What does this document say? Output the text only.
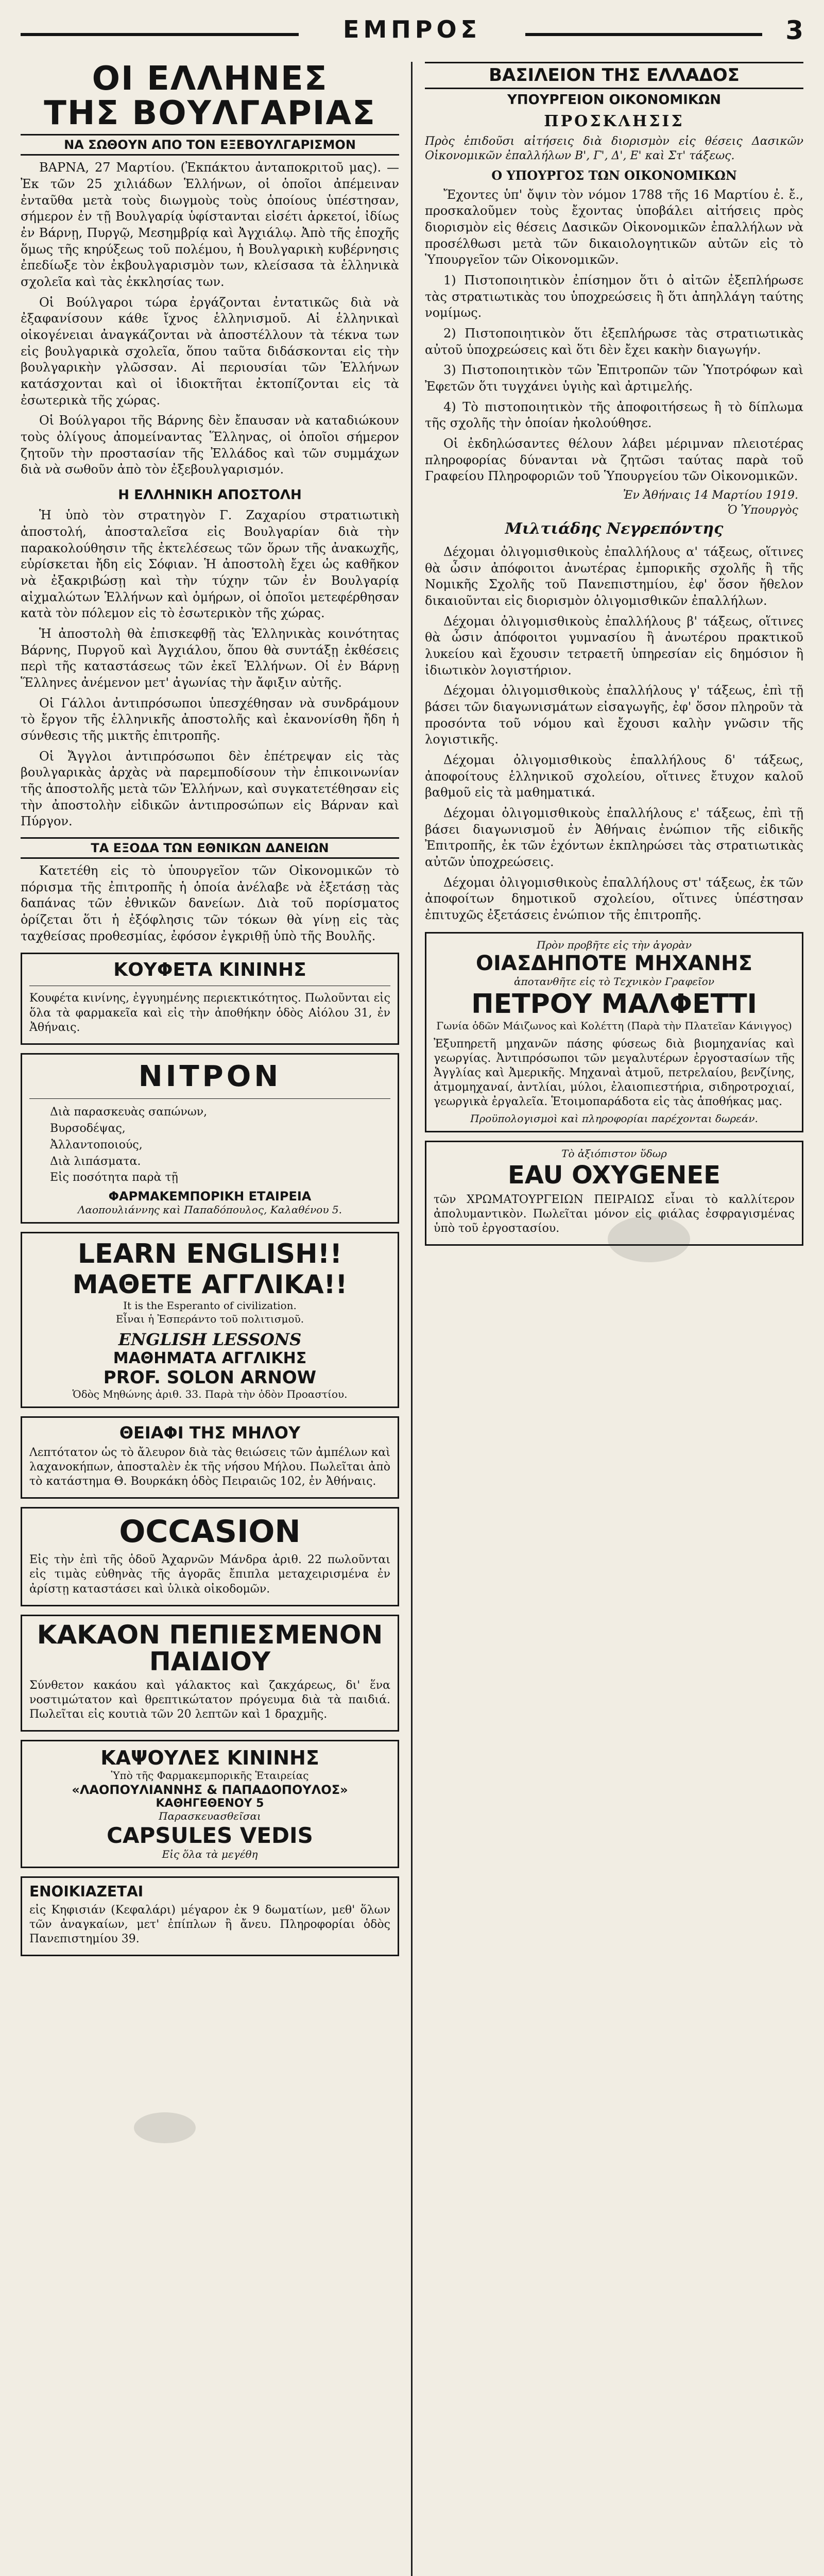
ΕΜΠΡΟΣ	3
ΟΙ ΕΛΛΗΝΕΣ
ΤΗΣ ΒΟΥΛΓΑΡΙΑΣ
ΝΑ ΣΩΘΟΥΝ ΑΠΟ ΤΟΝ ΕΞΕΒΟΥΛΓΑΡΙΣΜΟΝ
ΒΑΡΝΑ, 27 Μαρτίου. (Ἐκπάκτου ἀνταποκριτοῦ μας). — Ἐκ τῶν 25 χιλιάδων Ἑλλήνων, οἱ ὁποῖοι ἀπέμειναν ἐνταῦθα μετὰ τοὺς διωγμοὺς τοὺς ὁποίους ὑπέστησαν, σήμερον ἐν τῇ Βουλγαρίᾳ ὑφίστανται εἰσέτι ἀρκετοί, ἰδίως ἐν Βάρνῃ, Πυργῷ, Μεσημβρίᾳ καὶ Ἀγχιάλῳ. Ἀπὸ τῆς ἐποχῆς ὅμως τῆς κηρύξεως τοῦ πολέμου, ἡ Βουλγαρικὴ κυβέρνησις ἐπεδίωξε τὸν ἐκβουλγαρισμὸν των, κλείσασα τὰ ἑλληνικὰ σχολεῖα καὶ τὰς ἐκκλησίας των.
Οἱ Βούλγαροι τώρα ἐργάζονται ἐντατικῶς διὰ νὰ ἐξαφανίσουν κάθε ἴχνος ἑλληνισμοῦ. Αἱ ἑλληνικαὶ οἰκογένειαι ἀναγκάζονται νὰ ἀποστέλλουν τὰ τέκνα των εἰς βουλγαρικὰ σχολεῖα, ὅπου ταῦτα διδάσκονται εἰς τὴν βουλγαρικὴν γλῶσσαν. Αἱ περιουσίαι τῶν Ἑλλήνων κατάσχονται καὶ οἱ ἰδιοκτῆται ἐκτοπίζονται εἰς τὰ ἐσωτερικὰ τῆς χώρας.
Οἱ Βούλγαροι τῆς Βάρνης δὲν ἔπαυσαν νὰ καταδιώκουν τοὺς ὀλίγους ἀπομείναντας Ἕλληνας, οἱ ὁποῖοι σήμερον ζητοῦν τὴν προστασίαν τῆς Ἐλλάδος καὶ τῶν συμμάχων διὰ νὰ σωθοῦν ἀπὸ τὸν ἐξεβουλγαρισμόν.
Η ΕΛΛΗΝΙΚΗ ΑΠΟΣΤΟΛΗ
Ἡ ὑπὸ τὸν στρατηγὸν Γ. Ζαχαρίου στρατιωτικὴ ἀποστολή, ἀποσταλεῖσα εἰς Βουλγαρίαν διὰ τὴν παρακολούθησιν τῆς ἐκτελέσεως τῶν ὅρων τῆς ἀνακωχῆς, εὑρίσκεται ἤδη εἰς Σόφιαν. Ἡ ἀποστολὴ ἔχει ὡς καθῆκον νὰ ἐξακριβώσῃ καὶ τὴν τύχην τῶν ἐν Βουλγαρίᾳ αἰχμαλώτων Ἑλλήνων καὶ ὁμήρων, οἱ ὁποῖοι μετεφέρθησαν κατὰ τὸν πόλεμον εἰς τὸ ἐσωτερικὸν τῆς χώρας.
Ἡ ἀποστολὴ θὰ ἐπισκεφθῇ τὰς Ἑλληνικὰς κοινότητας Βάρνης, Πυργοῦ καὶ Ἀγχιάλου, ὅπου θὰ συντάξῃ ἐκθέσεις περὶ τῆς καταστάσεως τῶν ἐκεῖ Ἑλλήνων. Οἱ ἐν Βάρνῃ Ἕλληνες ἀνέμενον μετ' ἀγωνίας τὴν ἄφιξιν αὐτῆς.
Οἱ Γάλλοι ἀντιπρόσωποι ὑπεσχέθησαν νὰ συνδράμουν τὸ ἔργον τῆς ἑλληνικῆς ἀποστολῆς καὶ ἐκανονίσθη ἤδη ἡ σύνθεσις τῆς μικτῆς ἐπιτροπῆς.
Οἱ Ἄγγλοι ἀντιπρόσωποι δὲν ἐπέτρεψαν εἰς τὰς βουλγαρικὰς ἀρχὰς νὰ παρεμποδίσουν τὴν ἐπικοινωνίαν τῆς ἀποστολῆς μετὰ τῶν Ἑλλήνων, καὶ συγκατετέθησαν εἰς τὴν ἀποστολὴν εἰδικῶν ἀντιπροσώπων εἰς Βάρναν καὶ Πύργον.
ΤΑ ΕΞΟΔΑ ΤΩΝ ΕΘΝΙΚΩΝ ΔΑΝΕΙΩΝ
Κατετέθη εἰς τὸ ὑπουργεῖον τῶν Οἰκονομικῶν τὸ πόρισμα τῆς ἐπιτροπῆς ἡ ὁποία ἀνέλαβε νὰ ἐξετάσῃ τὰς δαπάνας τῶν ἐθνικῶν δανείων. Διὰ τοῦ πορίσματος ὁρίζεται ὅτι ἡ ἐξόφλησις τῶν τόκων θὰ γίνῃ εἰς τὰς ταχθείσας προθεσμίας, ἐφόσον ἐγκριθῇ ὑπὸ τῆς Βουλῆς.
ΚΟΥΦΕΤΑ ΚΙΝΙΝΗΣ
Κουφέτα κινίνης, ἐγγυημένης περιεκτικότητος. Πωλοῦνται εἰς ὅλα τὰ φαρμακεῖα καὶ εἰς τὴν ἀποθήκην ὁδὸς Αἰόλου 31, ἐν Ἀθήναις.
ΝΙΤΡΟΝ
Διὰ παρασκευὰς σαπώνων,
Βυρσοδέψας,
Ἀλλαντοποιούς,
Διὰ λιπάσματα.
Εἰς ποσότητα παρὰ τῇ
ΦΑΡΜΑΚΕΜΠΟΡΙΚΗ ΕΤΑΙΡΕΙΑ
Λαοπουλιάννης καὶ Παπαδόπουλος, Καλαθένου 5.
LEARN ENGLISH!!
ΜΑΘΕΤΕ ΑΓΓΛΙΚΑ!!
It is the Esperanto of civilization.
Εἶναι ἡ Ἐσπεράντο τοῦ πολιτισμοῦ.
ENGLISH LESSONS
ΜΑΘΗΜΑΤΑ ΑΓΓΛΙΚΗΣ
PROF. SOLON ARNOW
Ὁδὸς Μηθώνης ἀριθ. 33. Παρὰ τὴν ὁδὸν Προαστίου.
ΘΕΙΑΦΙ ΤΗΣ ΜΗΛΟΥ
Λεπτότατον ὡς τὸ ἄλευρον διὰ τὰς θειώσεις τῶν ἀμπέλων καὶ λαχανοκήπων, ἀποσταλὲν ἐκ τῆς νήσου Μήλου. Πωλεῖται ἀπὸ τὸ κατάστημα Θ. Βουρκάκη ὁδὸς Πειραιῶς 102, ἐν Ἀθήναις.
OCCASION
Εἰς τὴν ἐπὶ τῆς ὁδοῦ Ἀχαρνῶν Μάνδρα ἀριθ. 22 πωλοῦνται εἰς τιμὰς εὐθηνὰς τῆς ἀγορᾶς ἔπιπλα μεταχειρισμένα ἐν ἀρίστῃ καταστάσει καὶ ὑλικὰ οἰκοδομῶν.
ΚΑΚΑΟΝ ΠΕΠΙΕΣΜΕΝΟΝ
ΠΑΙΔΙΟΥ
Σύνθετον κακάου καὶ γάλακτος καὶ ζακχάρεως, δι' ἕνα νοστιμώτατον καὶ θρεπτικώτατον πρόγευμα διὰ τὰ παιδιά. Πωλεῖται εἰς κουτιὰ τῶν 20 λεπτῶν καὶ 1 δραχμῆς.
ΚΑΨΟΥΛΕΣ ΚΙΝΙΝΗΣ
Ὑπὸ τῆς Φαρμακεμπορικῆς Ἑταιρείας
«ΛΑΟΠΟΥΛΙΑΝΝΗΣ & ΠΑΠΑΔΟΠΟΥΛΟΣ»
ΚΑΘΗΓΕΘΕΝΟΥ 5
Παρασκευασθεῖσαι
CAPSULES VEDIS
Εἰς ὅλα τὰ μεγέθη
ΕΝΟΙΚΙΑΖΕΤΑΙ
εἰς Κηφισιάν (Κεφαλάρι) μέγαρον ἐκ 9 δωματίων, μεθ' ὅλων τῶν ἀναγκαίων, μετ' ἐπίπλων ἢ ἄνευ. Πληροφορίαι ὁδὸς Πανεπιστημίου 39.
ΒΑΣΙΛΕΙΟΝ ΤΗΣ ΕΛΛΑΔΟΣ
ΥΠΟΥΡΓΕΙΟΝ ΟΙΚΟΝΟΜΙΚΩΝ
ΠΡΟΣΚΛΗΣΙΣ
Πρὸς ἐπιδοῦσι αἰτήσεις διὰ διορισμὸν εἰς θέσεις Δασικῶν Οἰκονομικῶν ἐπαλλήλων Β', Γ', Δ', Ε' καὶ Στ' τάξεως.
Ο ΥΠΟΥΡΓΟΣ ΤΩΝ ΟΙΚΟΝΟΜΙΚΩΝ
Ἔχοντες ὑπ' ὄψιν τὸν νόμον 1788 τῆς 16 Μαρτίου ἐ. ἔ., προσκαλοῦμεν τοὺς ἔχοντας ὑποβάλει αἰτήσεις πρὸς διορισμὸν εἰς θέσεις Δασικῶν Οἰκονομικῶν ἐπαλλήλων νὰ προσέλθωσι μετὰ τῶν δικαιολογητικῶν αὐτῶν εἰς τὸ Ὑπουργεῖον τῶν Οἰκονομικῶν.
1) Πιστοποιητικὸν ἐπίσημον ὅτι ὁ αἰτῶν ἐξεπλήρωσε τὰς στρατιωτικὰς του ὑποχρεώσεις ἢ ὅτι ἀπηλλάγη ταύτης νομίμως.
2) Πιστοποιητικὸν ὅτι ἐξεπλήρωσε τὰς στρατιωτικὰς αὐτοῦ ὑποχρεώσεις καὶ ὅτι δὲν ἔχει κακὴν διαγωγήν.
3) Πιστοποιητικὸν τῶν Ἐπιτροπῶν τῶν Ὑποτρόφων καὶ Ἐφετῶν ὅτι τυγχάνει ὑγιὴς καὶ ἀρτιμελής.
4) Τὸ πιστοποιητικὸν τῆς ἀποφοιτήσεως ἢ τὸ δίπλωμα τῆς σχολῆς τὴν ὁποίαν ἠκολούθησε.
Οἱ ἐκδηλώσαντες θέλουν λάβει μέριμναν πλειοτέρας πληροφορίας δύνανται νὰ ζητῶσι ταύτας παρὰ τοῦ Γραφείου Πληροφοριῶν τοῦ Ὑπουργείου τῶν Οἰκονομικῶν.
Ἐν Ἀθήναις 14 Μαρτίου 1919.
Ὁ Ὑπουργὸς
Μιλτιάδης Νεγρεπόντης
Δέχομαι ὀλιγομισθικοὺς ἐπαλλήλους α' τάξεως, οἵτινες θὰ ὦσιν ἀπόφοιτοι ἀνωτέρας ἐμπορικῆς σχολῆς ἢ τῆς Νομικῆς Σχολῆς τοῦ Πανεπιστημίου, ἐφ' ὅσον ἤθελον δικαιοῦνται εἰς διορισμὸν ὁλιγομισθικῶν ἐπαλλήλων.
Δέχομαι ὀλιγομισθικοὺς ἐπαλλήλους β' τάξεως, οἵτινες θὰ ὦσιν ἀπόφοιτοι γυμνασίου ἢ ἀνωτέρου πρακτικοῦ λυκείου καὶ ἔχουσιν τετραετῆ ὑπηρεσίαν εἰς δημόσιον ἢ ἰδιωτικὸν λογιστήριον.
Δέχομαι ὀλιγομισθικοὺς ἐπαλλήλους γ' τάξεως, ἐπὶ τῇ βάσει τῶν διαγωνισμάτων εἰσαγωγῆς, ἐφ' ὅσον πληροῦν τὰ προσόντα τοῦ νόμου καὶ ἔχουσι καλὴν γνῶσιν τῆς λογιστικῆς.
Δέχομαι ὀλιγομισθικοὺς ἐπαλλήλους δ' τάξεως, ἀποφοίτους ἑλληνικοῦ σχολείου, οἵτινες ἔτυχον καλοῦ βαθμοῦ εἰς τὰ μαθηματικά.
Δέχομαι ὀλιγομισθικοὺς ἐπαλλήλους ε' τάξεως, ἐπὶ τῇ βάσει διαγωνισμοῦ ἐν Ἀθήναις ἐνώπιον τῆς εἰδικῆς Ἐπιτροπῆς, ἐκ τῶν ἐχόντων ἐκπληρώσει τὰς στρατιωτικὰς αὐτῶν ὑποχρεώσεις.
Δέχομαι ὀλιγομισθικοὺς ἐπαλλήλους στ' τάξεως, ἐκ τῶν ἀποφοίτων δημοτικοῦ σχολείου, οἵτινες ὑπέστησαν ἐπιτυχῶς ἐξετάσεις ἐνώπιον τῆς ἐπιτροπῆς.
Πρὸν προβῆτε εἰς τὴν ἀγορὰν
ΟΙΑΣΔΗΠΟΤΕ ΜΗΧΑΝΗΣ
ἀποτανθῆτε εἰς τὸ Τεχνικὸν Γραφεῖον
ΠΕΤΡΟΥ ΜΑΛΦΕΤΤΙ
Γωνία ὁδῶν Μάιζωνος καὶ Κολέττη (Παρὰ τὴν Πλατεῖαν Κάνιγγος)
Ἐξυπηρετῆ μηχανῶν πάσης φύσεως διὰ βιομηχανίας καὶ γεωργίας. Ἀντιπρόσωποι τῶν μεγαλυτέρων ἐργοστασίων τῆς Ἀγγλίας καὶ Ἀμερικῆς. Μηχαναὶ ἀτμοῦ, πετρελαίου, βενζίνης, ἀτμομηχαναί, ἀντλίαι, μύλοι, ἐλαιοπιεστήρια, σιδηροτροχιαί, γεωργικὰ ἐργαλεῖα. Ἑτοιμοπαράδοτα εἰς τὰς ἀποθήκας μας.
Προϋπολογισμοὶ καὶ πληροφορίαι παρέχονται δωρεάν.
Τὸ ἀξιόπιστον ὕδωρ
EAU OXYGENEE
τῶν ΧΡΩΜΑΤΟΥΡΓΕΙΩΝ ΠΕΙΡΑΙΩΣ εἶναι τὸ καλλίτερον ἀπολυμαντικὸν. Πωλεῖται μόνον εἰς φιάλας ἐσφραγισμένας ὑπὸ τοῦ ἐργοστασίου.
